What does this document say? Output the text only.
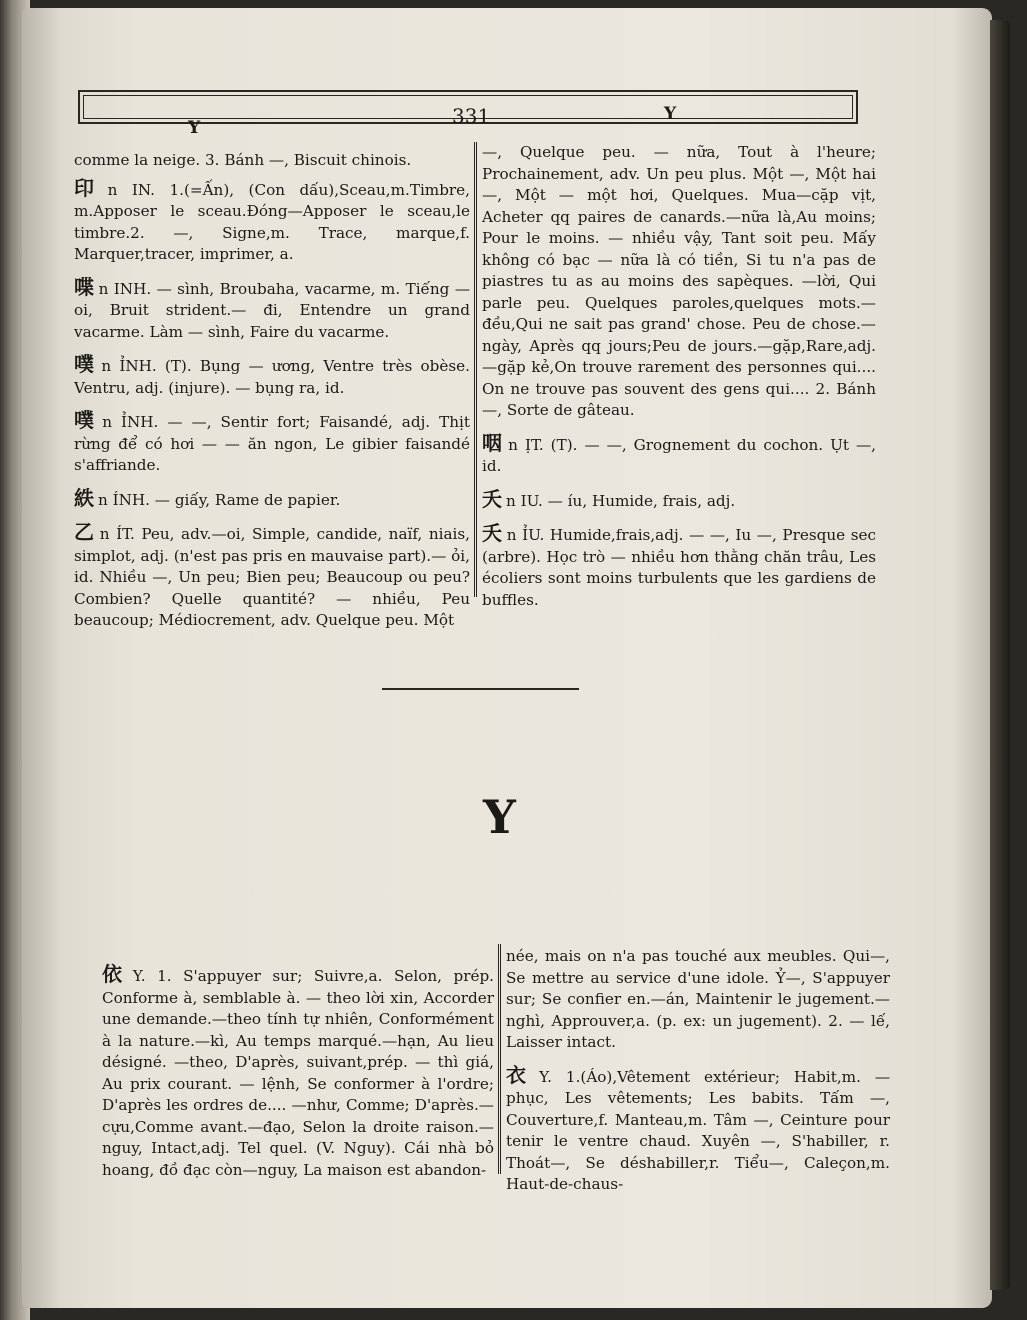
Y	331	Y

comme la neige. 3. Bánh —, Biscuit chinois.

印 n IN. 1.(=Ấn), (Con dấu),Sceau,m.Timbre, m.Apposer le sceau.Đóng—Apposer le sceau,le timbre.2. —, Signe,m. Trace, marque,f. Marquer,tracer, imprimer, a.

喋 n INH. — sình, Broubaha, vacarme, m. Tiếng —oi, Bruit strident.— đi, Entendre un grand vacarme. Làm — sình, Faire du vacarme.

噗 n ỈNH. (T). Bụng — ương, Ventre très obèse. Ventru, adj. (injure). — bụng ra, id.

噗 n ỈNH. — —, Sentir fort; Faisandé, adj. Thịt rừng để có hơi — — ăn ngon, Le gibier faisandé s'affriande.

紩 n ÍNH. — giấy, Rame de papier.

乙 n ÍT. Peu, adv.—oi, Simple, candide, naïf, niais, simplot, adj. (n'est pas pris en mauvaise part).— ỏi, id. Nhiều —, Un peu; Bien peu; Beaucoup ou peu? Combien? Quelle quantité? — nhiều, Peu beaucoup; Médiocrement, adv. Quelque peu. Một

—, Quelque peu. — nữa, Tout à l'heure; Prochainement, adv. Un peu plus. Một —, Một hai —, Một — một hơi, Quelques. Mua—cặp vịt, Acheter qq paires de canards.—nữa là,Au moins; Pour le moins. — nhiều vậy, Tant soit peu. Mấy không có bạc — nữa là có tiền, Si tu n'a pas de piastres tu as au moins des sapèques. —lời, Qui parle peu. Quelques paroles,quelques mots.—đều,Qui ne sait pas grand' chose. Peu de chose.—ngày, Après qq jours;Peu de jours.—gặp,Rare,adj.—gặp kẻ,On trouve rarement des personnes qui.... On ne trouve pas souvent des gens qui.... 2. Bánh —, Sorte de gâteau.

咽 n ỊT. (T). — —, Grognement du cochon. Ụt —, id.

夭 n IU. — íu, Humide, frais, adj.

夭 n ỈU. Humide,frais,adj. — —, Iu —, Presque sec (arbre). Học trò — nhiều hơn thằng chăn trâu, Les écoliers sont moins turbulents que les gardiens de buffles.

Y

依 Y. 1. S'appuyer sur; Suivre,a. Selon, prép. Conforme à, semblable à. — theo lời xin, Accorder une demande.—theo tính tự nhiên, Conformément à la nature.—kì, Au temps marqué.—hạn, Au lieu désigné. —theo, D'après, suivant,prép. — thì giá, Au prix courant. — lệnh, Se conformer à l'ordre; D'après les ordres de.... —như, Comme; D'après.— cựu,Comme avant.—đạo, Selon la droite raison.— nguy, Intact,adj. Tel quel. (V. Nguy). Cái nhà bỏ hoang, đồ đạc còn—nguy, La maison est abandon-

née, mais on n'a pas touché aux meubles. Qui—, Se mettre au service d'une idole. Ỷ—, S'appuyer sur; Se confier en.—án, Maintenir le jugement.—nghì, Approuver,a. (p. ex: un jugement). 2. — lế, Laisser intact.

衣 Y. 1.(Áo),Vêtement extérieur; Habit,m. — phục, Les vêtements; Les babits. Tấm —, Couverture,f. Manteau,m. Tâm —, Ceinture pour tenir le ventre chaud. Xuyên —, S'habiller, r. Thoát—, Se déshabiller,r. Tiểu—, Caleçon,m. Haut-de-chaus-
